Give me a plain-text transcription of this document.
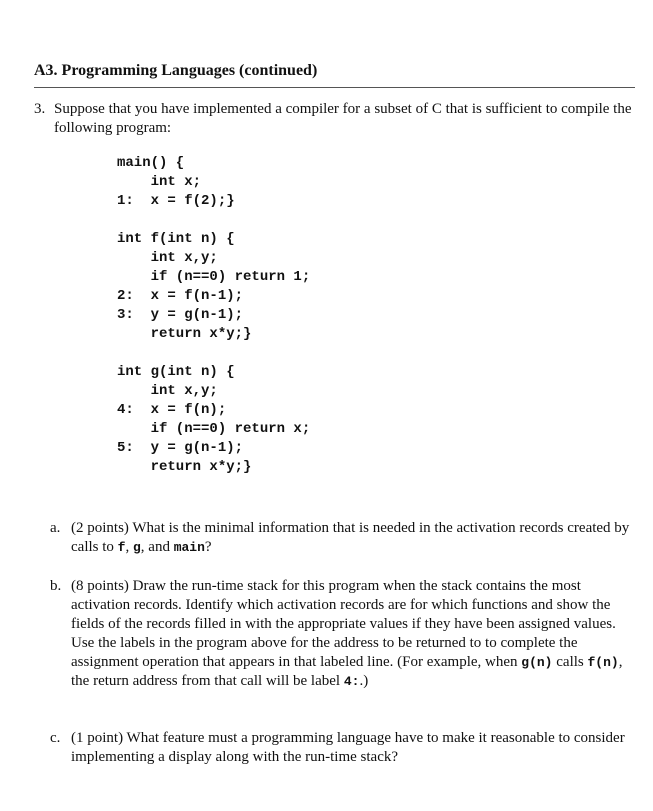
A3. Programming Languages (continued)
3. Suppose that you have implemented a compiler for a subset of C that is sufficient to compile the following program:
main() {
int x;
1:  x = f(2);}
int f(int n) {
int x,y;
if (n==0) return 1;
2:  x = f(n-1);
3:  y = g(n-1);
return x*y;}
int g(int n) {
int x,y;
4:  x = f(n);
if (n==0) return x;
5:  y = g(n-1);
return x*y;}
a. (2 points) What is the minimal information that is needed in the activation records created by calls to f, g, and main?
b. (8 points) Draw the run-time stack for this program when the stack contains the most activation records. Identify which activation records are for which functions and show the fields of the records filled in with the appropriate values if they have been assigned values. Use the labels in the program above for the address to be returned to to complete the assignment operation that appears in that labeled line. (For example, when g(n) calls f(n), the return address from that call will be label 4:.)
c. (1 point) What feature must a programming language have to make it reasonable to consider implementing a display along with the run-time stack?
